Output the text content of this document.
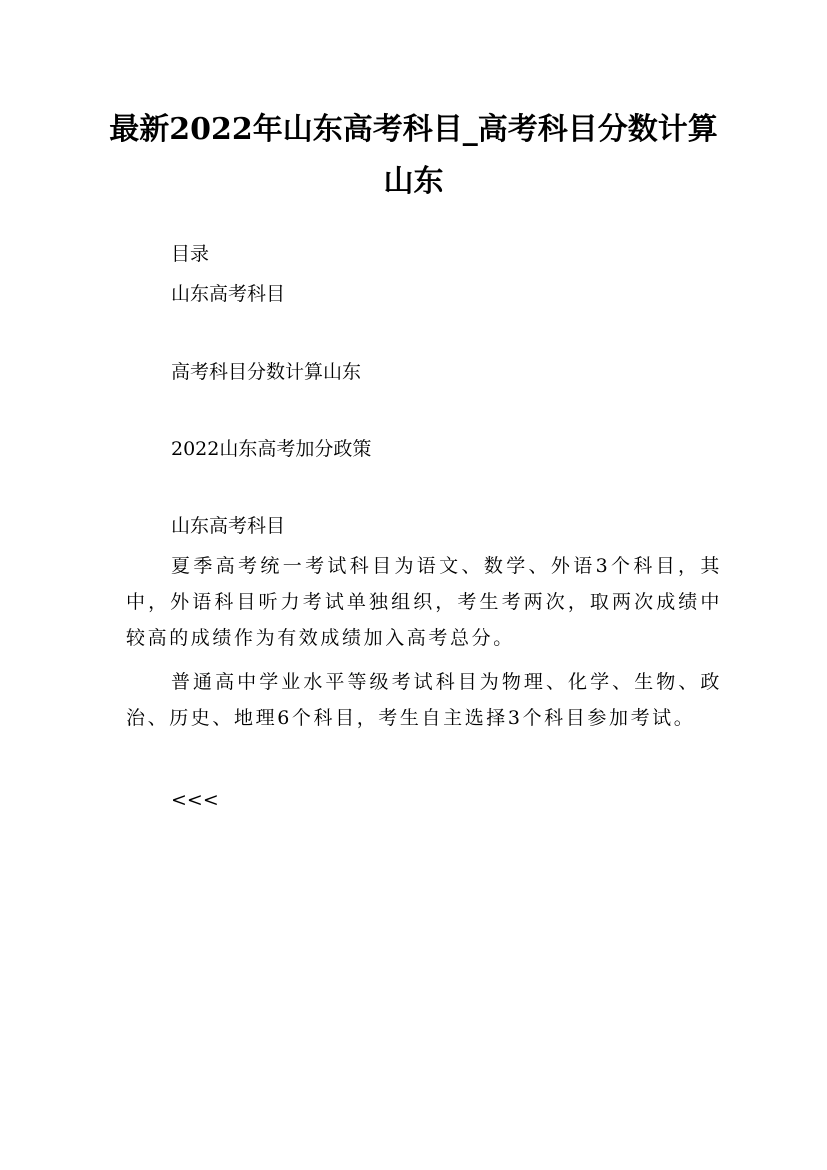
最新2022年山东高考科目_高考科目分数计算山东

目录

山东高考科目

高考科目分数计算山东

2022山东高考加分政策

山东高考科目

夏季高考统一考试科目为语文、数学、外语3个科目，其中，外语科目听力考试单独组织，考生考两次，取两次成绩中较高的成绩作为有效成绩加入高考总分。

普通高中学业水平等级考试科目为物理、化学、生物、政治、历史、地理6个科目，考生自主选择3个科目参加考试。

<<<
